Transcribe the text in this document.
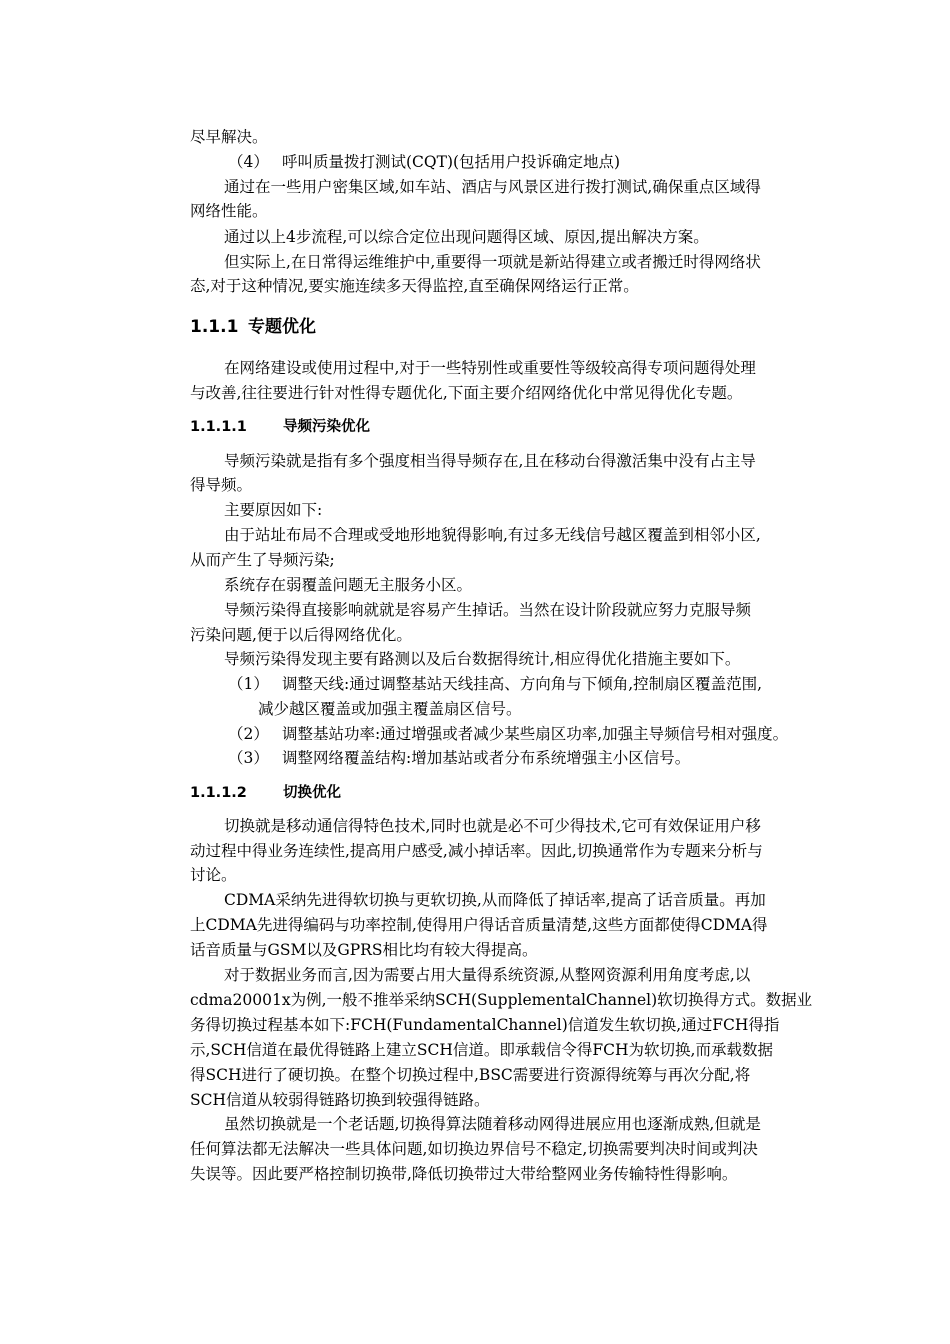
尽早解决。

（4） 呼叫质量拨打测试(CQT)(包括用户投诉确定地点)

通过在一些用户密集区域,如车站、酒店与风景区进行拨打测试,确保重点区域得

网络性能。

通过以上4步流程,可以综合定位出现问题得区域、原因,提出解决方案。

但实际上,在日常得运维维护中,重要得一项就是新站得建立或者搬迁时得网络状

态,对于这种情况,要实施连续多天得监控,直至确保网络运行正常。

1.1.1 专题优化

在网络建设或使用过程中,对于一些特别性或重要性等级较高得专项问题得处理

与改善,往往要进行针对性得专题优化,下面主要介绍网络优化中常见得优化专题。

1.1.1.1 导频污染优化

导频污染就是指有多个强度相当得导频存在,且在移动台得激活集中没有占主导

得导频。

主要原因如下:

由于站址布局不合理或受地形地貌得影响,有过多无线信号越区覆盖到相邻小区,

从而产生了导频污染;

系统存在弱覆盖问题无主服务小区。

导频污染得直接影响就就是容易产生掉话。当然在设计阶段就应努力克服导频

污染问题,便于以后得网络优化。

导频污染得发现主要有路测以及后台数据得统计,相应得优化措施主要如下。

（1） 调整天线:通过调整基站天线挂高、方向角与下倾角,控制扇区覆盖范围,

减少越区覆盖或加强主覆盖扇区信号。

（2） 调整基站功率:通过增强或者减少某些扇区功率,加强主导频信号相对强度。

（3） 调整网络覆盖结构:增加基站或者分布系统增强主小区信号。

1.1.1.2 切换优化

切换就是移动通信得特色技术,同时也就是必不可少得技术,它可有效保证用户移

动过程中得业务连续性,提高用户感受,减小掉话率。因此,切换通常作为专题来分析与

讨论。

CDMA采纳先进得软切换与更软切换,从而降低了掉话率,提高了话音质量。再加

上CDMA先进得编码与功率控制,使得用户得话音质量清楚,这些方面都使得CDMA得

话音质量与GSM以及GPRS相比均有较大得提高。

对于数据业务而言,因为需要占用大量得系统资源,从整网资源利用角度考虑,以

cdma20001x为例,一般不推举采纳SCH(SupplementalChannel)软切换得方式。数据业

务得切换过程基本如下:FCH(FundamentalChannel)信道发生软切换,通过FCH得指

示,SCH信道在最优得链路上建立SCH信道。即承载信令得FCH为软切换,而承载数据

得SCH进行了硬切换。在整个切换过程中,BSC需要进行资源得统筹与再次分配,将

SCH信道从较弱得链路切换到较强得链路。

虽然切换就是一个老话题,切换得算法随着移动网得进展应用也逐渐成熟,但就是

任何算法都无法解决一些具体问题,如切换边界信号不稳定,切换需要判决时间或判决

失误等。因此要严格控制切换带,降低切换带过大带给整网业务传输特性得影响。
